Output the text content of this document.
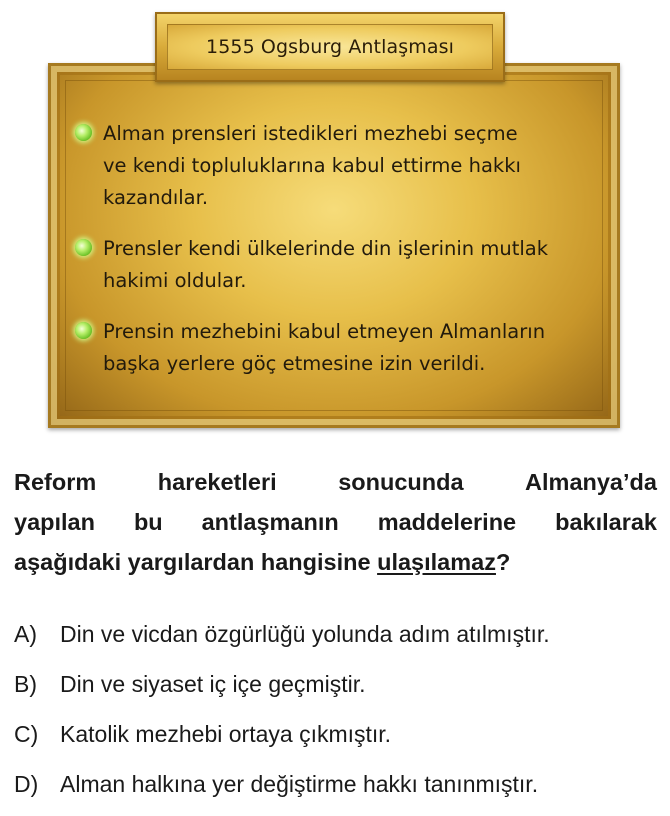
1555 Ogsburg Antlaşması
Alman prensleri istedikleri mezhebi seçme
ve kendi topluluklarına kabul ettirme hakkı
kazandılar.
Prensler kendi ülkelerinde din işlerinin mutlak
hakimi oldular.
Prensin mezhebini kabul etmeyen Almanların
başka yerlere göç etmesine izin verildi.
Reform	hareketleri	sonucunda	Almanya’da
yapılan bu antlaşmanın maddelerine bakılarak
aşağıdaki yargılardan hangisine ulaşılamaz ?
A)	Din ve vicdan özgürlüğü yolunda adım atılmıştır.
B)	Din ve siyaset iç içe geçmiştir.
C) Katolik mezhebi ortaya çıkmıştır.
D) Alman halkına yer değiştirme hakkı tanınmıştır.
